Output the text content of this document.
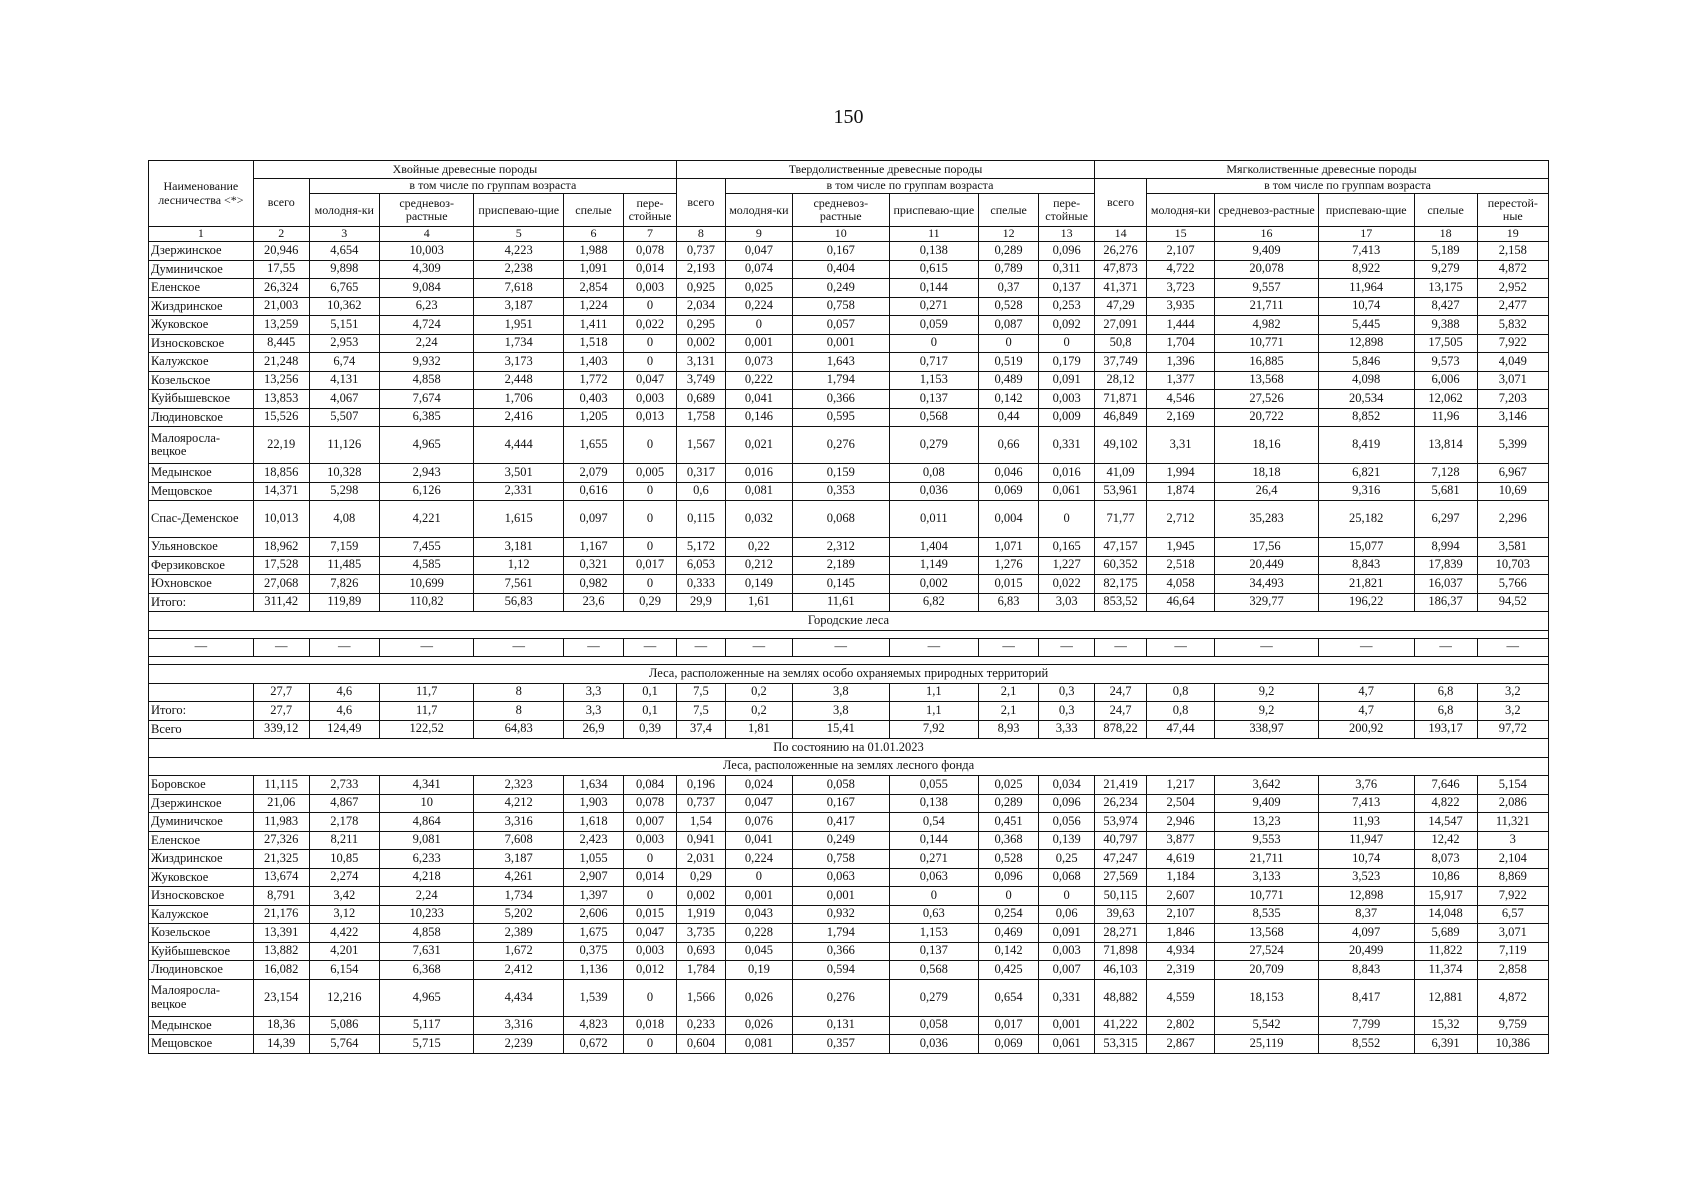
150
Наименование лесничества <*>	Хвойные древесные породы						Твердолиственные древесные породы						Мягколиственные древесные породы					
	всего	в том числе по группам возраста					всего	в том числе по группам возраста					всего	в том числе по группам возраста				
		молодня-ки	средневоз-растные	приспеваю-щие	спелые	пере-стойные		молодня-ки	средневоз-растные	приспеваю-щие	спелые	пере-стойные		молодня-ки	средневоз-растные	приспеваю-щие	спелые	перестой-ные
1	2	3	4	5	6	7	8	9	10	11	12	13	14	15	16	17	18	19
Дзержинское	20,946	4,654	10,003	4,223	1,988	0,078	0,737	0,047	0,167	0,138	0,289	0,096	26,276	2,107	9,409	7,413	5,189	2,158
Думиничское	17,55	9,898	4,309	2,238	1,091	0,014	2,193	0,074	0,404	0,615	0,789	0,311	47,873	4,722	20,078	8,922	9,279	4,872
Еленское	26,324	6,765	9,084	7,618	2,854	0,003	0,925	0,025	0,249	0,144	0,37	0,137	41,371	3,723	9,557	11,964	13,175	2,952
Жиздринское	21,003	10,362	6,23	3,187	1,224	0	2,034	0,224	0,758	0,271	0,528	0,253	47,29	3,935	21,711	10,74	8,427	2,477
Жуковское	13,259	5,151	4,724	1,951	1,411	0,022	0,295	0	0,057	0,059	0,087	0,092	27,091	1,444	4,982	5,445	9,388	5,832
Износковское	8,445	2,953	2,24	1,734	1,518	0	0,002	0,001	0,001	0	0	0	50,8	1,704	10,771	12,898	17,505	7,922
Калужское	21,248	6,74	9,932	3,173	1,403	0	3,131	0,073	1,643	0,717	0,519	0,179	37,749	1,396	16,885	5,846	9,573	4,049
Козельское	13,256	4,131	4,858	2,448	1,772	0,047	3,749	0,222	1,794	1,153	0,489	0,091	28,12	1,377	13,568	4,098	6,006	3,071
Куйбышевское	13,853	4,067	7,674	1,706	0,403	0,003	0,689	0,041	0,366	0,137	0,142	0,003	71,871	4,546	27,526	20,534	12,062	7,203
Людиновское	15,526	5,507	6,385	2,416	1,205	0,013	1,758	0,146	0,595	0,568	0,44	0,009	46,849	2,169	20,722	8,852	11,96	3,146
Малояросла-вецкое	22,19	11,126	4,965	4,444	1,655	0	1,567	0,021	0,276	0,279	0,66	0,331	49,102	3,31	18,16	8,419	13,814	5,399
Медынское	18,856	10,328	2,943	3,501	2,079	0,005	0,317	0,016	0,159	0,08	0,046	0,016	41,09	1,994	18,18	6,821	7,128	6,967
Мещовское	14,371	5,298	6,126	2,331	0,616	0	0,6	0,081	0,353	0,036	0,069	0,061	53,961	1,874	26,4	9,316	5,681	10,69
Спас-Деменское	10,013	4,08	4,221	1,615	0,097	0	0,115	0,032	0,068	0,011	0,004	0	71,77	2,712	35,283	25,182	6,297	2,296
Ульяновское	18,962	7,159	7,455	3,181	1,167	0	5,172	0,22	2,312	1,404	1,071	0,165	47,157	1,945	17,56	15,077	8,994	3,581
Ферзиковское	17,528	11,485	4,585	1,12	0,321	0,017	6,053	0,212	2,189	1,149	1,276	1,227	60,352	2,518	20,449	8,843	17,839	10,703
Юхновское	27,068	7,826	10,699	7,561	0,982	0	0,333	0,149	0,145	0,002	0,015	0,022	82,175	4,058	34,493	21,821	16,037	5,766
Итого:	311,42	119,89	110,82	56,83	23,6	0,29	29,9	1,61	11,61	6,82	6,83	3,03	853,52	46,64	329,77	196,22	186,37	94,52
Городские леса																		

—	—	—	—	—	—	—	—	—	—	—	—	—	—	—	—	—	—	—

Леса, расположенные на землях особо охраняемых природных территорий																		
	27,7	4,6	11,7	8	3,3	0,1	7,5	0,2	3,8	1,1	2,1	0,3	24,7	0,8	9,2	4,7	6,8	3,2
Итого:	27,7	4,6	11,7	8	3,3	0,1	7,5	0,2	3,8	1,1	2,1	0,3	24,7	0,8	9,2	4,7	6,8	3,2
Всего	339,12	124,49	122,52	64,83	26,9	0,39	37,4	1,81	15,41	7,92	8,93	3,33	878,22	47,44	338,97	200,92	193,17	97,72
По состоянию на 01.01.2023																		
Леса, расположенные на землях лесного фонда																		
Боровское	11,115	2,733	4,341	2,323	1,634	0,084	0,196	0,024	0,058	0,055	0,025	0,034	21,419	1,217	3,642	3,76	7,646	5,154
Дзержинское	21,06	4,867	10	4,212	1,903	0,078	0,737	0,047	0,167	0,138	0,289	0,096	26,234	2,504	9,409	7,413	4,822	2,086
Думиничское	11,983	2,178	4,864	3,316	1,618	0,007	1,54	0,076	0,417	0,54	0,451	0,056	53,974	2,946	13,23	11,93	14,547	11,321
Еленское	27,326	8,211	9,081	7,608	2,423	0,003	0,941	0,041	0,249	0,144	0,368	0,139	40,797	3,877	9,553	11,947	12,42	3
Жиздринское	21,325	10,85	6,233	3,187	1,055	0	2,031	0,224	0,758	0,271	0,528	0,25	47,247	4,619	21,711	10,74	8,073	2,104
Жуковское	13,674	2,274	4,218	4,261	2,907	0,014	0,29	0	0,063	0,063	0,096	0,068	27,569	1,184	3,133	3,523	10,86	8,869
Износковское	8,791	3,42	2,24	1,734	1,397	0	0,002	0,001	0,001	0	0	0	50,115	2,607	10,771	12,898	15,917	7,922
Калужское	21,176	3,12	10,233	5,202	2,606	0,015	1,919	0,043	0,932	0,63	0,254	0,06	39,63	2,107	8,535	8,37	14,048	6,57
Козельское	13,391	4,422	4,858	2,389	1,675	0,047	3,735	0,228	1,794	1,153	0,469	0,091	28,271	1,846	13,568	4,097	5,689	3,071
Куйбышевское	13,882	4,201	7,631	1,672	0,375	0,003	0,693	0,045	0,366	0,137	0,142	0,003	71,898	4,934	27,524	20,499	11,822	7,119
Людиновское	16,082	6,154	6,368	2,412	1,136	0,012	1,784	0,19	0,594	0,568	0,425	0,007	46,103	2,319	20,709	8,843	11,374	2,858
Малояросла-вецкое	23,154	12,216	4,965	4,434	1,539	0	1,566	0,026	0,276	0,279	0,654	0,331	48,882	4,559	18,153	8,417	12,881	4,872
Медынское	18,36	5,086	5,117	3,316	4,823	0,018	0,233	0,026	0,131	0,058	0,017	0,001	41,222	2,802	5,542	7,799	15,32	9,759
Мещовское	14,39	5,764	5,715	2,239	0,672	0	0,604	0,081	0,357	0,036	0,069	0,061	53,315	2,867	25,119	8,552	6,391	10,386
